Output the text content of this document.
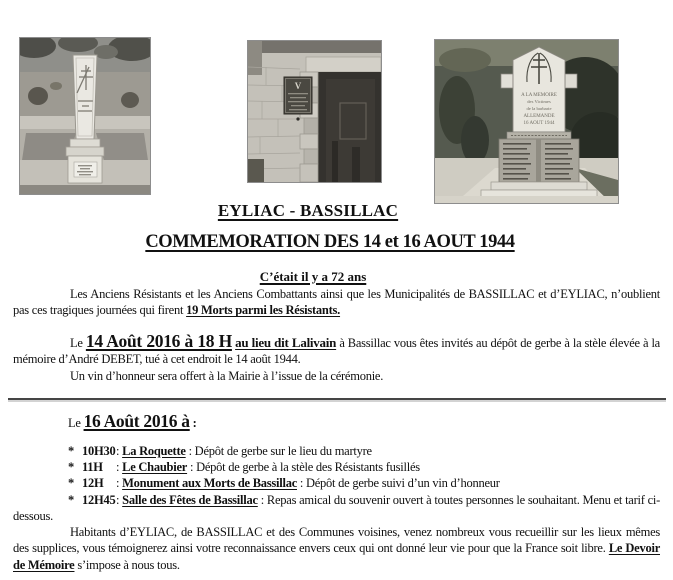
V
A LA MEMOIRE
des Victimes
de la barbarie
ALLEMANDE
16 AOUT 1944
EYLIAC - BASSILLAC
COMMEMORATION DES 14 et 16 AOUT 1944
C’était il y a 72 ans

Les Anciens Résistants et les Anciens Combattants ainsi que les Municipalités de BASSILLAC et d’EYLIAC, n’oublient pas ces tragiques journées qui firent 19 Morts parmi les Résistants.

Le 14 Août 2016 à 18 H au lieu dit Lalivain à Bassillac vous êtes invités au dépôt de gerbe à la stèle élevée à la mémoire d’André DEBET, tué à cet endroit le 14 août 1944.

Un vin d’honneur sera offert à la Mairie à l’issue de la cérémonie.

Le 16 Août 2016 à :

* 10H30: La Roquette : Dépôt de gerbe sur le lieu du martyre

* 11H : Le Chaubier : Dépôt de gerbe à la stèle des Résistants fusillés

* 12H : Monument aux Morts de Bassillac : Dépôt de gerbe suivi d’un vin d’honneur

* 12H45: Salle des Fêtes de Bassillac : Repas amical du souvenir ouvert à toutes personnes le souhaitant. Menu et tarif ci-dessous.

Habitants d’EYLIAC, de BASSILLAC et des Communes voisines, venez nombreux vous recueillir sur les lieux mêmes des supplices, vous témoignerez ainsi votre reconnaissance envers ceux qui ont donné leur vie pour que la France soit libre. Le Devoir de Mémoire s’impose à nous tous.
